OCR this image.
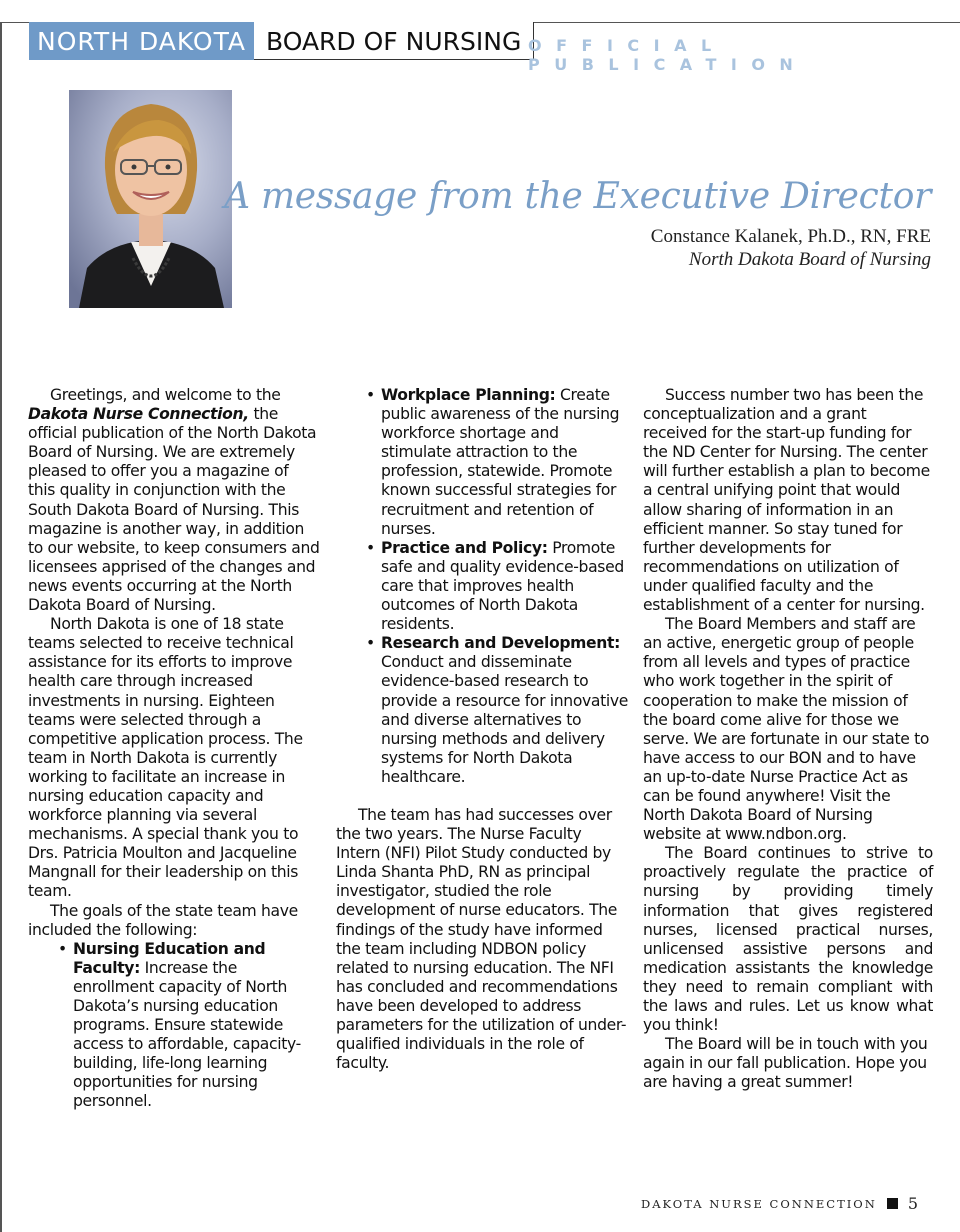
NORTH DAKOTA BOARD OF NURSING OFFICIAL PUBLICATION
A message from the Executive Director
Constance Kalanek, Ph.D., RN, FRE
North Dakota Board of Nursing

Greetings, and welcome to the Dakota Nurse Connection, the official publication of the North Dakota Board of Nursing. We are extremely pleased to offer you a magazine of this quality in conjunction with the South Dakota Board of Nursing. This magazine is another way, in addition to our website, to keep consumers and licensees apprised of the changes and news events occurring at the North Dakota Board of Nursing.

North Dakota is one of 18 state teams selected to receive technical assistance for its efforts to improve health care through increased investments in nursing. Eighteen teams were selected through a competitive application process. The team in North Dakota is currently working to facilitate an increase in nursing education capacity and workforce planning via several mechanisms. A special thank you to Drs. Patricia Moulton and Jacqueline Mangnall for their leadership on this team.

The goals of the state team have included the following:

• Nursing Education and Faculty: Increase the enrollment capacity of North Dakota’s nursing education programs. Ensure statewide access to affordable, capacity-building, life-long learning opportunities for nursing personnel.
• Workplace Planning: Create public awareness of the nursing workforce shortage and stimulate attraction to the profession, statewide. Promote known successful strategies for recruitment and retention of nurses.
• Practice and Policy: Promote safe and quality evidence-based care that improves health outcomes of North Dakota residents.
• Research and Development: Conduct and disseminate evidence-based research to provide a resource for innovative and diverse alternatives to nursing methods and delivery systems for North Dakota healthcare.

The team has had successes over the two years. The Nurse Faculty Intern (NFI) Pilot Study conducted by Linda Shanta PhD, RN as principal investigator, studied the role development of nurse educators. The findings of the study have informed the team including NDBON policy related to nursing education. The NFI has concluded and recommendations have been developed to address parameters for the utilization of under-qualified individuals in the role of faculty.

Success number two has been the conceptualization and a grant received for the start-up funding for the ND Center for Nursing. The center will further establish a plan to become a central unifying point that would allow sharing of information in an efficient manner. So stay tuned for further developments for recommendations on utilization of under qualified faculty and the establishment of a center for nursing.

The Board Members and staff are an active, energetic group of people from all levels and types of practice who work together in the spirit of cooperation to make the mission of the board come alive for those we serve. We are fortunate in our state to have access to our BON and to have an up-to-date Nurse Practice Act as can be found anywhere! Visit the North Dakota Board of Nursing website at www.ndbon.org.

The Board continues to strive to proactively regulate the practice of nursing by providing timely information that gives registered nurses, licensed practical nurses, unlicensed assistive persons and medication assistants the knowledge they need to remain compliant with the laws and rules. Let us know what you think!

The Board will be in touch with you again in our fall publication. Hope you are having a great summer!

DAKOTA NURSE CONNECTION 5
